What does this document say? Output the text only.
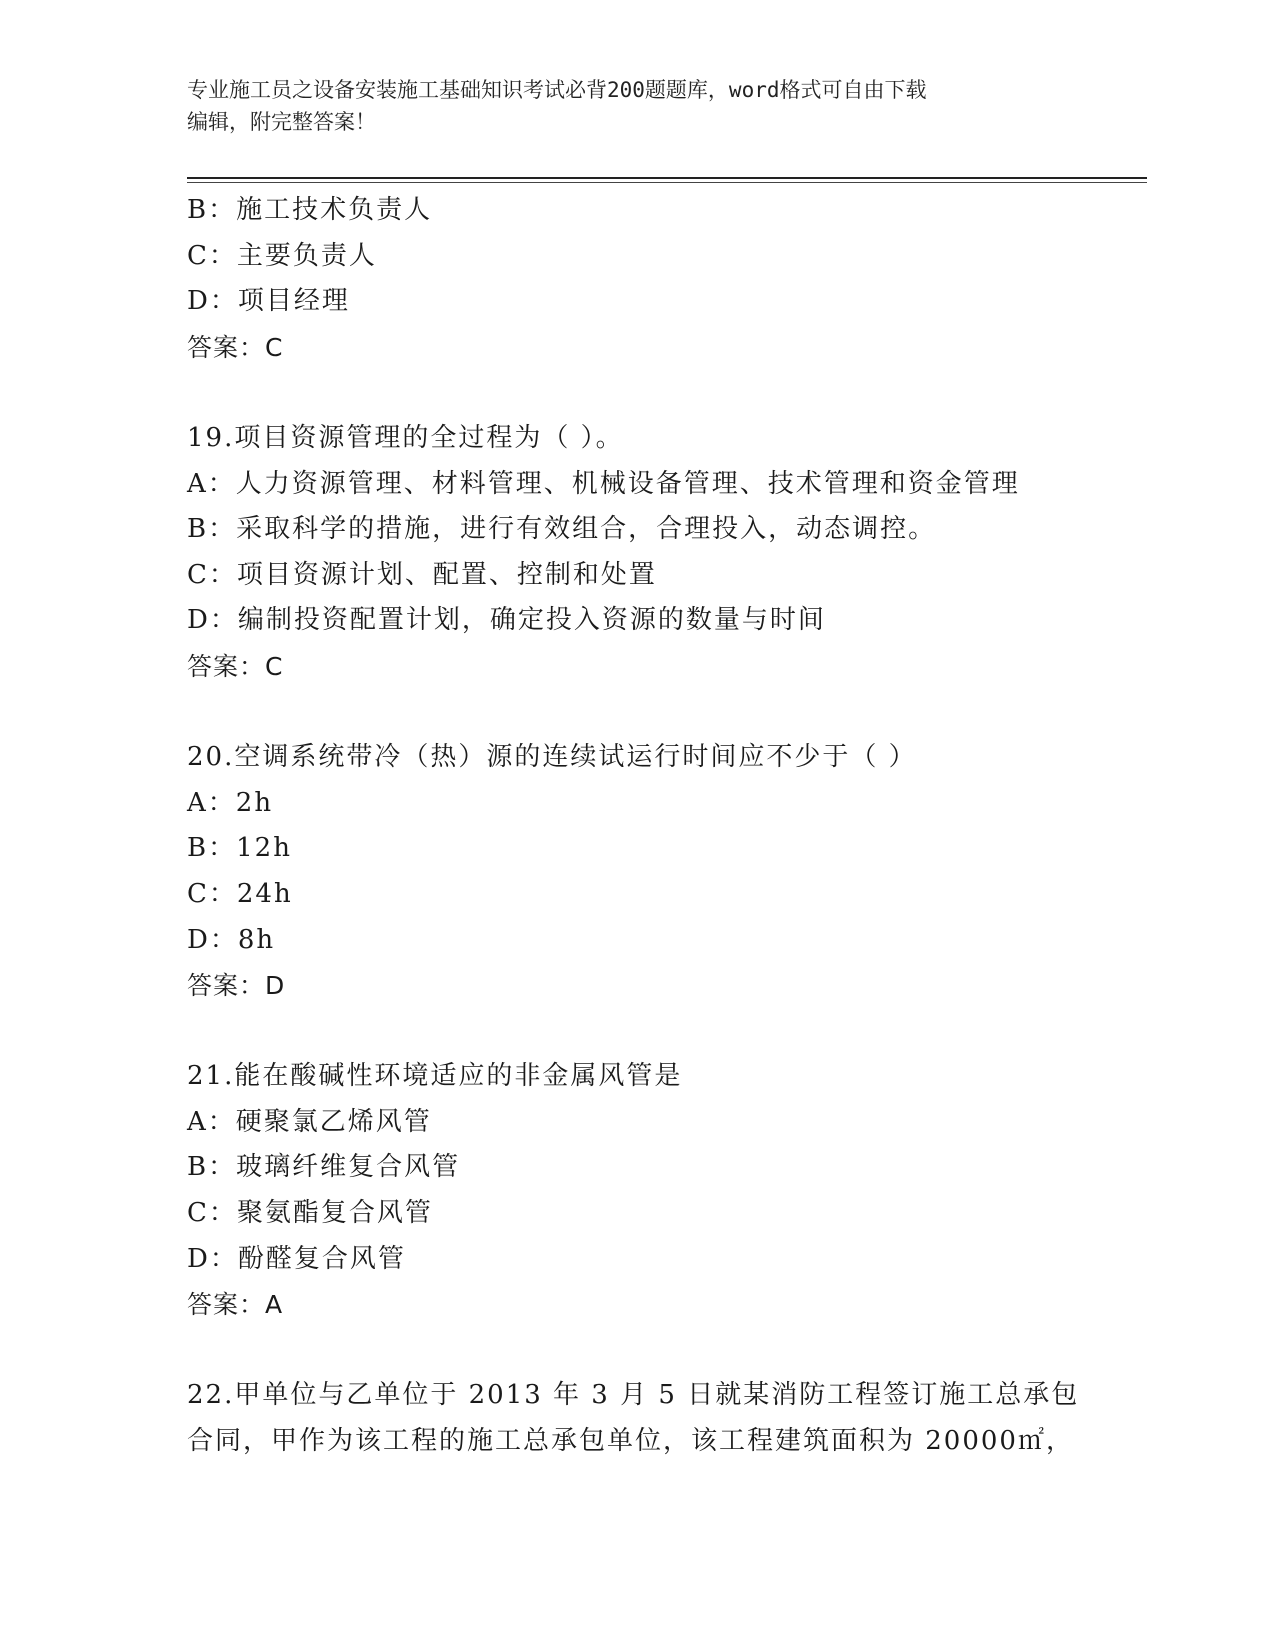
专业施工员之设备安装施工基础知识考试必背200题题库，word格式可自由下载
编辑，附完整答案！
B：施工技术负责人
C：主要负责人
D：项目经理
答案：C
19.项目资源管理的全过程为（ ）。
A：人力资源管理、材料管理、机械设备管理、技术管理和资金管理
B：采取科学的措施，进行有效组合，合理投入，动态调控。
C：项目资源计划、配置、控制和处置
D：编制投资配置计划，确定投入资源的数量与时间
答案：C
20.空调系统带冷（热）源的连续试运行时间应不少于（ ）
A：2h
B：12h
C：24h
D：8h
答案：D
21.能在酸碱性环境适应的非金属风管是
A：硬聚氯乙烯风管
B：玻璃纤维复合风管
C：聚氨酯复合风管
D：酚醛复合风管
答案：A
22.甲单位与乙单位于 2013 年 3 月 5 日就某消防工程签订施工总承包
合同，甲作为该工程的施工总承包单位，该工程建筑面积为 20000㎡，
